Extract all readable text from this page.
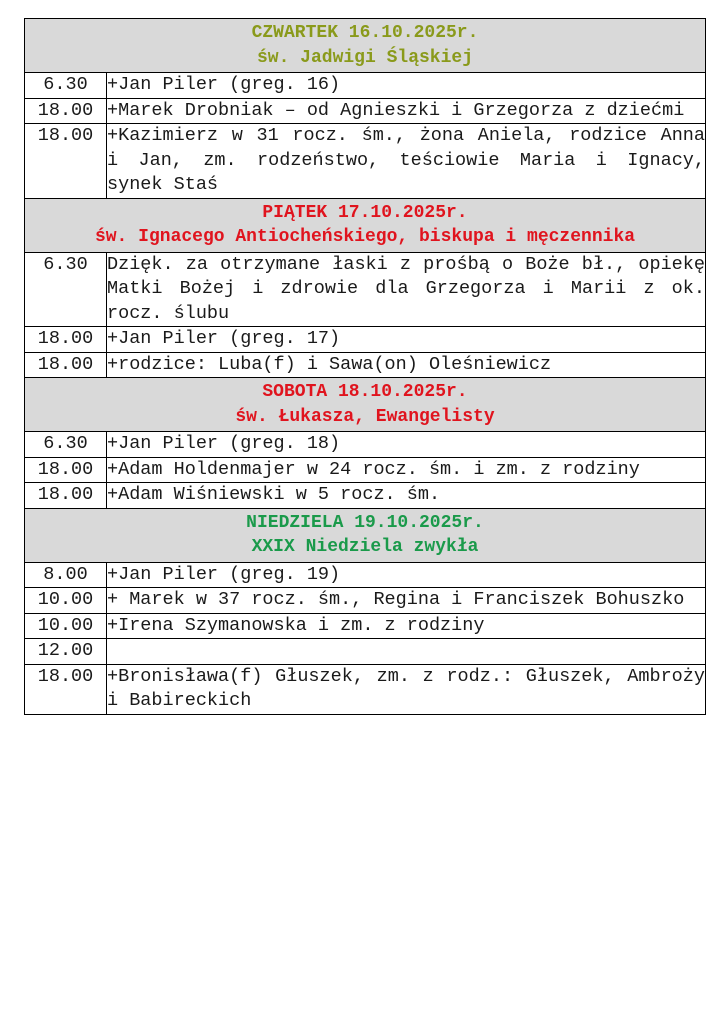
CZWARTEK 16.10.2025r.
św. Jadwigi Śląskiej	

6.30	+Jan Piler (greg. 16)
18.00	+Marek Drobniak – od Agnieszki i Grzegorza z dziećmi
18.00	+Kazimierz w 31 rocz. śm., żona Aniela, rodzice Anna i Jan, zm. rodzeństwo, teściowie Maria i Ignacy, synek Staś

PIĄTEK 17.10.2025r.
św. Ignacego Antiocheńskiego, biskupa i męczennika	

6.30	Dzięk. za otrzymane łaski z prośbą o Boże bł., opiekę Matki Bożej i zdrowie dla Grzegorza i Marii z ok. rocz. ślubu
18.00	+Jan Piler (greg. 17)
18.00	+rodzice: Luba(f) i Sawa(on) Oleśniewicz

SOBOTA 18.10.2025r.
św. Łukasza, Ewangelisty	

6.30	+Jan Piler (greg. 18)
18.00	+Adam Holdenmajer w 24 rocz. śm. i zm. z rodziny
18.00	+Adam Wiśniewski w 5 rocz. śm.

NIEDZIELA 19.10.2025r.
XXIX Niedziela zwykła	

8.00	+Jan Piler (greg. 19)
10.00	+ Marek w 37 rocz. śm., Regina i Franciszek Bohuszko
10.00	+Irena Szymanowska i zm. z rodziny
12.00	
18.00	+Bronisława(f) Głuszek, zm. z rodz.: Głuszek, Ambroży i Babireckich
